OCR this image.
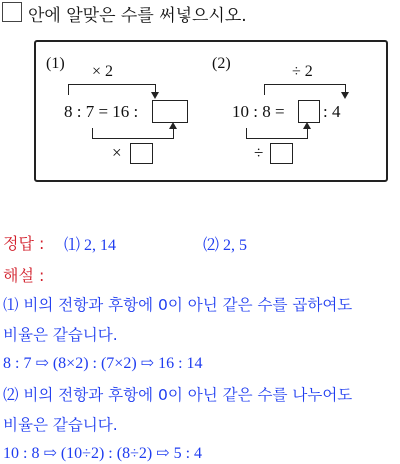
안에 알맞은 수를 써넣으시오.
(1) × 2
8 : 7 = 16 :
×
(2)	÷ 2
10 : 8 = : 4
÷
정답 : ⑴ 2, 14	⑵ 2, 5
해설 :
⑴ 비의 전항과 후항에 0이 아닌 같은 수를 곱하여도
비율은 같습니다.
8 : 7 ⇨ (8×2) : (7×2) ⇨ 16 : 14
⑵ 비의 전항과 후항에 0이 아닌 같은 수를 나누어도
비율은 같습니다.
10 : 8 ⇨ (10÷2) : (8÷2) ⇨ 5 : 4
